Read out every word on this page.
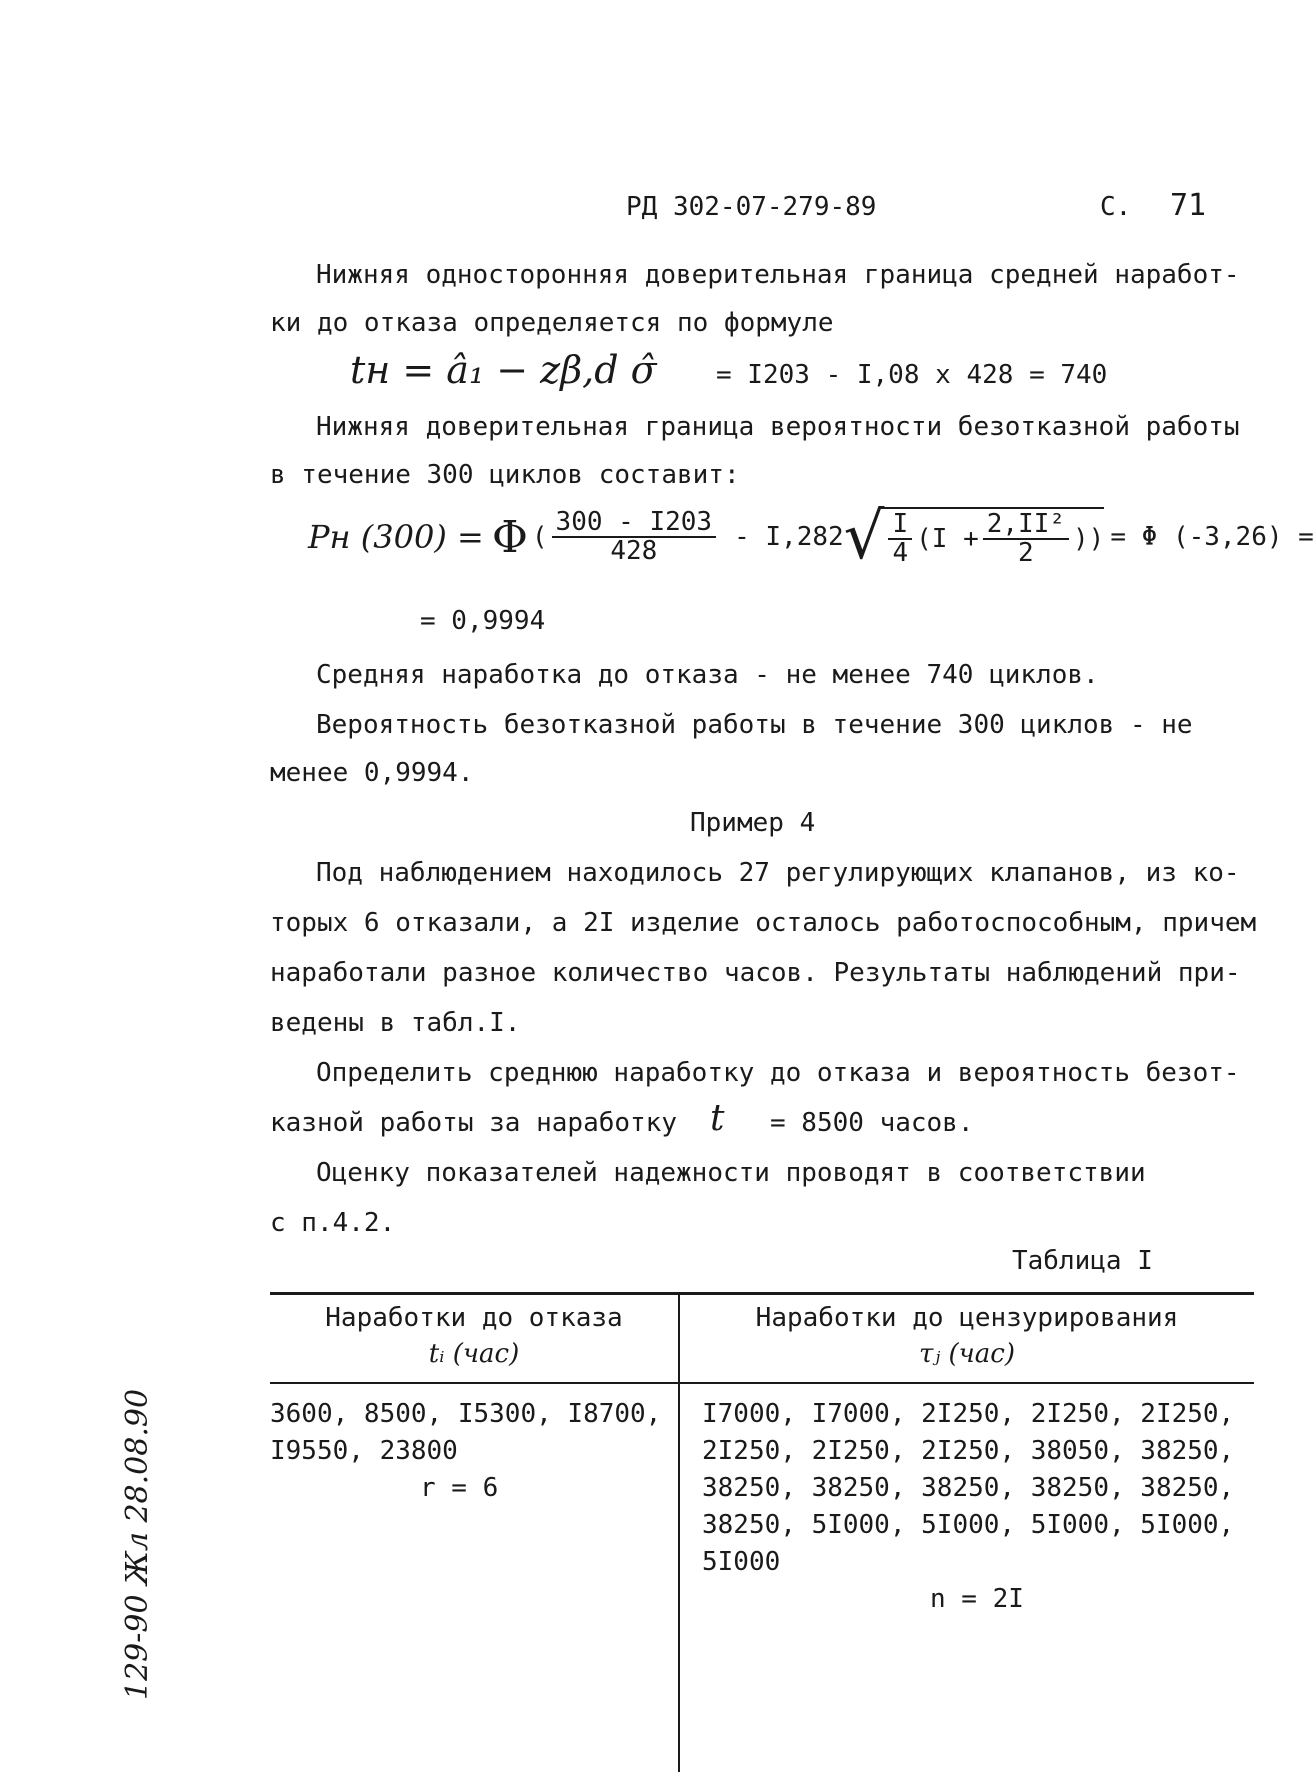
РД 302-07-279-89	С. 71
Нижняя односторонняя доверительная граница средней наработ-
ки до отказа определяется по формуле
tн = â₁ − zβ,d σ̂ = I203 - I,08 x 428 = 740
Нижняя доверительная граница вероятности безотказной работы
в течение 300 циклов составит:
Pн (300) = Φ ( $\frac{300 - I203}{428} - I,282$ √ $\frac{I}{4} (I + \frac{\text{2,II²}}{2}$ )) = Φ (-3,26) =
= 0,9994
Средняя наработка до отказа - не менее 740 циклов.
Вероятность безотказной работы в течение 300 циклов - не
менее 0,9994.
Пример 4
Под наблюдением находилось 27 регулирующих клапанов, из ко-
торых 6 отказали, а 2I изделие осталось работоспособным, причем
наработали разное количество часов. Результаты наблюдений при-
ведены в табл.I.
Определить среднюю наработку до отказа и вероятность безот-
казной работы за наработку t = 8500 часов.
Оценку показателей надежности проводят в соответствии
с п.4.2.
Таблица I
Наработки до отказа
tᵢ (час)
Наработки до цензурирования
τⱼ (час)
3600, 8500, I5300, I8700,
I9550, 23800
r = 6
I7000, I7000, 2I250, 2I250, 2I250,
2I250, 2I250, 2I250, 38050, 38250,
38250, 38250, 38250, 38250, 38250,
38250, 5I000, 5I000, 5I000, 5I000,
5I000
n = 2I
129-90 Жл 28.08.90
